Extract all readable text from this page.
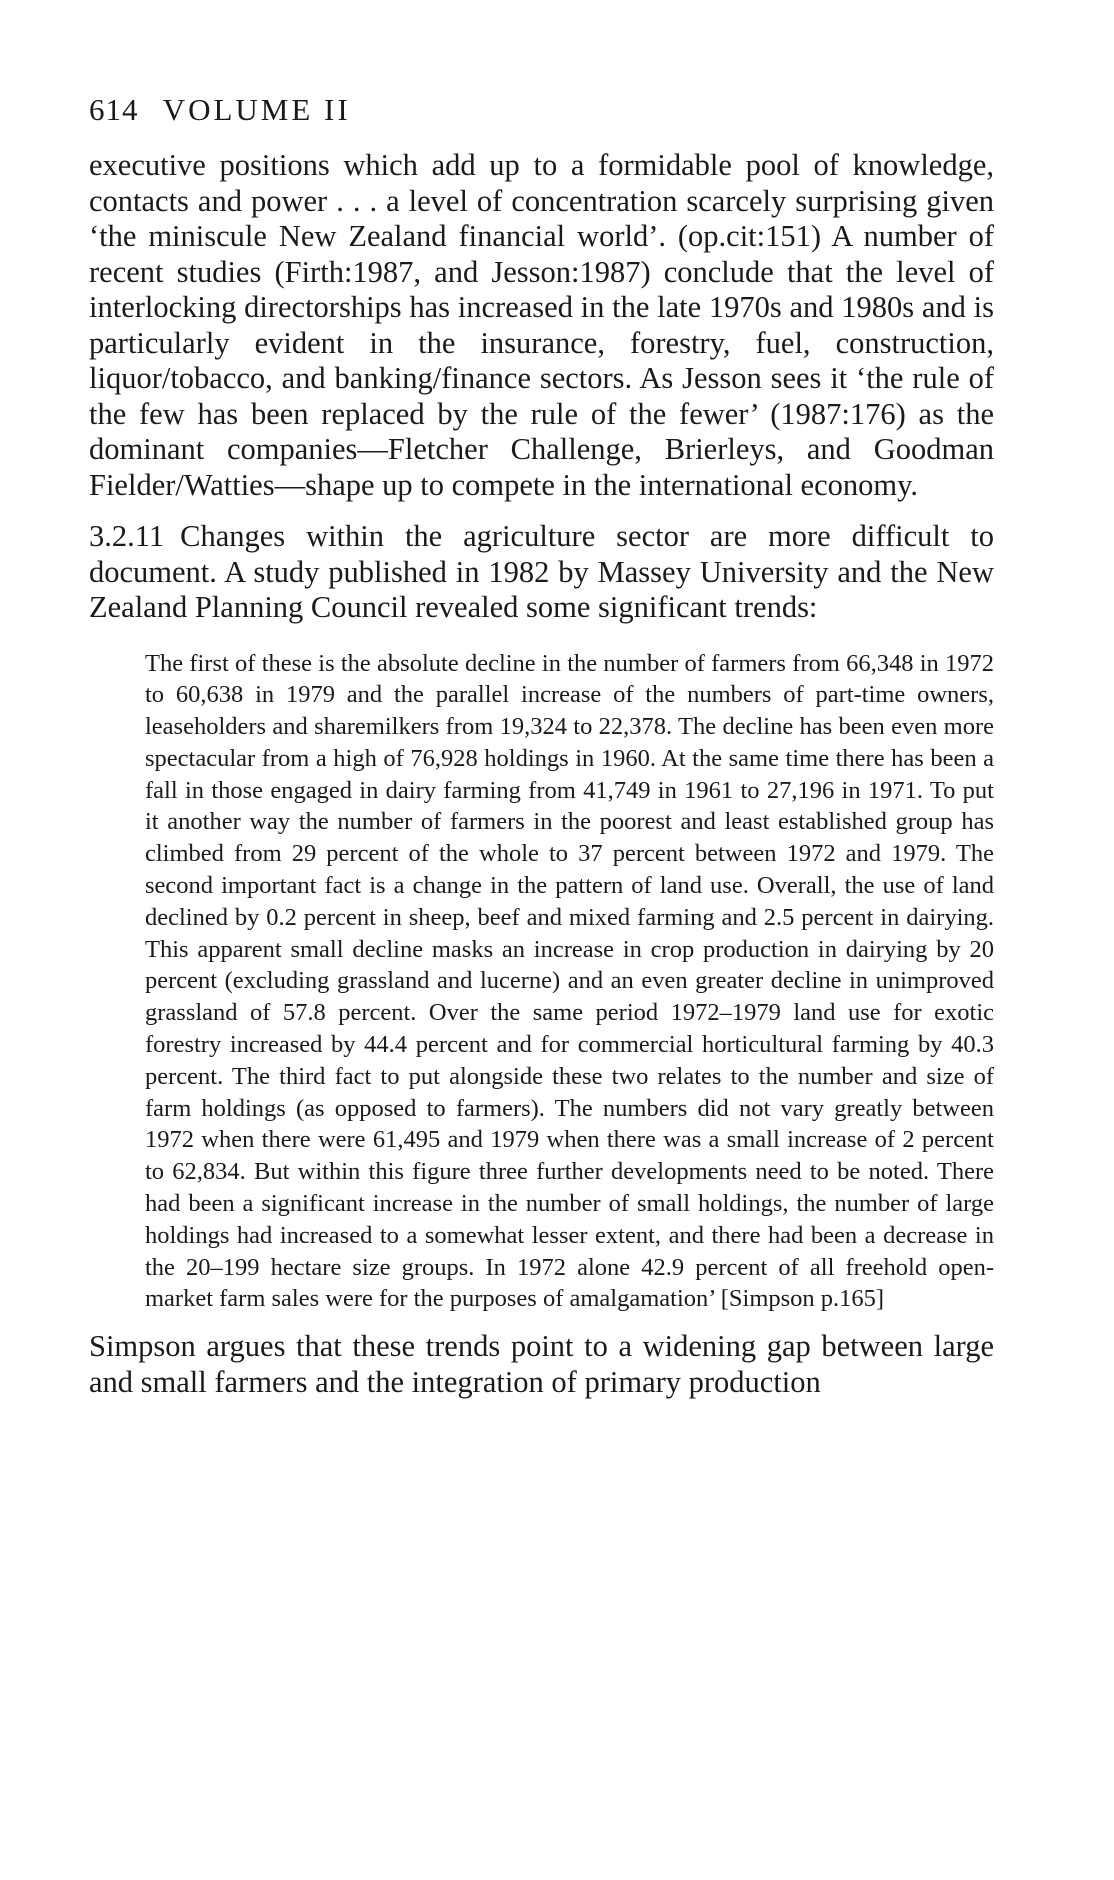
614 VOLUME II

executive positions which add up to a formidable pool of knowledge, contacts and power . . . a level of concentration scarcely surprising given ‘the miniscule New Zealand financial world’. (op.cit:151) A number of recent studies (Firth:1987, and Jesson:1987) conclude that the level of interlocking directorships has increased in the late 1970s and 1980s and is particularly evident in the insurance, forestry, fuel, construction, liquor/tobacco, and banking/finance sectors. As Jesson sees it ‘the rule of the few has been replaced by the rule of the fewer’ (1987:176) as the dominant companies—Fletcher Challenge, Brierleys, and Goodman Fielder/Watties—shape up to compete in the international economy.

3.2.11 Changes within the agriculture sector are more difficult to document. A study published in 1982 by Massey University and the New Zealand Planning Council revealed some significant trends:

The first of these is the absolute decline in the number of farmers from 66,348 in 1972 to 60,638 in 1979 and the parallel increase of the numbers of part-time owners, leaseholders and sharemilkers from 19,324 to 22,378. The decline has been even more spectacular from a high of 76,928 holdings in 1960. At the same time there has been a fall in those engaged in dairy farming from 41,749 in 1961 to 27,196 in 1971. To put it another way the number of farmers in the poorest and least established group has climbed from 29 percent of the whole to 37 percent between 1972 and 1979. The second important fact is a change in the pattern of land use. Overall, the use of land declined by 0.2 percent in sheep, beef and mixed farming and 2.5 percent in dairying. This apparent small decline masks an increase in crop production in dairying by 20 percent (excluding grassland and lucerne) and an even greater decline in unimproved grassland of 57.8 percent. Over the same period 1972–1979 land use for exotic forestry increased by 44.4 percent and for commercial horticultural farming by 40.3 percent. The third fact to put alongside these two relates to the number and size of farm holdings (as opposed to farmers). The numbers did not vary greatly between 1972 when there were 61,495 and 1979 when there was a small increase of 2 percent to 62,834. But within this figure three further developments need to be noted. There had been a significant increase in the number of small holdings, the number of large holdings had increased to a somewhat lesser extent, and there had been a decrease in the 20–199 hectare size groups. In 1972 alone 42.9 percent of all freehold open-market farm sales were for the purposes of amalgamation’ [Simpson p.165]

Simpson argues that these trends point to a widening gap between large and small farmers and the integration of primary production
